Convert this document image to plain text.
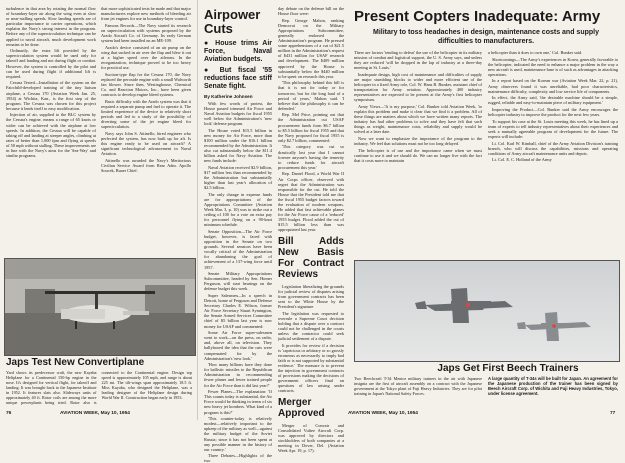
turbulence in that area by rotating the normal flow of boundary-layer air along the wing even at slow or near-stalling speeds. Slow landing speeds are of particular importance to carrier operations, which explains the Navy's strong interest in the program. Before any of the supercirculation technique can be applied to naval aircraft, much development work remains to be done.

Ordinarily, the extra lift provided by the supercirculation system would be used only for takeoff and landing and not during flight or combat. However, the system is controlled by the pilot and can be used during flight if additional lift is required.

Cessna Tested—Installation of the system on the Fairchild-developed training of the tiny liaison airplane, a Cessna 170 (Aviation Week Jan. 25, 1954) at Wichita, Kan., is the first step of the program. The Cessna was chosen for this project because it lends itself to easy modification.

Injection of air, supplied to the BLC system by the Cessna's engine, means a range of 65 knots or wider can be achieved with the airplane at low speeds. In addition, the Cessna will be capable of taking off and landing at steeper angles, climbing at rates of better than 1,000 fpm and flying at speeds of 50 mph without stalling. These improvements are in line with the Navy's aims for the 'Sea-Way' and similar programs.

that more sophisticated tests be made and that major manufacturers explore new methods of bleeding air from jet engines for use in boundary-layer control.

Famous Records—The Navy started its research on supercirculation with systems proposed by the Arado Aircraft Co. of Germany. Its early German system had been installed on an ME-109.

Arado's device consisted of an air pump on the wing that sucked in air over the flap and blew it out at a higher speed over the ailerons. In the reorganization, technique proved to be too heavy for practical use.

Suction-type flap for the Cessna 170, the Navy replaced the peroxide engine with a small Walworth fan blower. Since then, Westinghouse, Chemical Co. and Reaction Motors, Inc., have been given contracts to develop engine bleed systems.

Basic difficulty with the Arado system was that it required a separate pump and fuel to operate it. The limited experience of the device to relatively short periods and led to a study of the possibility of diverting some of the jet engine bleed for supercirculation.

Navy says John S. Attinello, hired engineer who perfected the system, has now built up for aft. Is this engine ready to be used on aircraft? A significant technological advancement in Naval Aviation.

Attinello was awarded the Navy's Meritorious Civilian Service Award from Rear Adm. Apollo Soucek, Buaer Chief.

Japs Test New Convertiplane
Yard shows its predecessor craft, the new Kayaba Heliplane for a Continental 150-hp engine in the nose. It's designed for vertical flight, for takeoff and landing. It was brought back to the Japanese Institute in 1952. It features slats also. Slideways units of approximately 40 ft. Rotor coils are among the more unique powerplants being tried. Rotor also is connected to the Continental engine. Design top speed is approximately 105 mph, and range is about 225 mi. The tilt-wings span approximately 18.5 ft. Miss Kayaba, who designed the Heliplane, was a leading designer of the Heliplane design during World War II. Construction began early in 1953.
76	AVIATION WEEK, May 10, 1954
Airpower Cuts
● House trims Air Force, Naval Aviation budgets.
● But fiscal '55 reductions face stiff Senate fight.

By Katherine Johnsen

With few words of protest, the House passed trimmed Air Force and Naval Aviation budgets for fiscal 1955 well below the Administration's 'new look' defense program.

The House voted $15.5 billion in new money for Air Force, more than $100 million under the $16.1 billion recommended by the Administration. It also cut substantially below the $11.4 billion asked for Navy Aviation. The new funds include:

Naval Aviation received $2.9 billion, $17 million less than recommended by the Administration but substantially higher than last year's allocation of $2.5 billion.

The only change in expense funds are for appropriations of the Appropriations Committee (Aviation Week Mar. 3, p. 10) was to strike out a ceiling of 100 for a vote on extra pay for personnel flying on a 90-knot minimum schedule.

Senate Opposition—The Air Force budget, however, is faced with opposition in the Senate on two grounds. Several senators have been vocally critical of the Administration for abandoning the goal of achievement of a 137-wing force until 1957.

Senate Military Appropriations Subcommittee, headed by Sen. Homer Ferguson, will start hearings on the defense budget this week.

Super Salesmen—In a speech in Detroit, home of Ferguson and Defense Secretary Charles E. Wilson, former Air Force Secretary Stuart Symington, the Senate Armed Services Committee chief of $5 billion last year is now money for USAF and commented:

Some Air Force super-salesmen went to work—on the press, on radio, and, above all, on television. They ballyhooed the idea that the cuts were compensated for by the Administration's 'new look.'

'How many billions have they done for ballistic missiles to the Republican Administration in recommending fewer planes and fewer trained people for the Air Force than it did last year?'

Fewer Planes—The explanation: 'If This counts today is substantial, the Air Force would be thinking in terms of six new heavy jet bombers. What kind of a program is this?'

'This counter-today is relatively modest—relatively important to the upkeep of the military as well—against the military budget of the Soviet Russia; since it has not been spent at any possible manner in the history of our country.'

Three Debates—Highlights of the two

day debate on the defense bill on the House floor were:

Rep. George Mahon, ranking Democrat on the Military Appropriations Subcommittee, generally endorsed the Administration's program. He pressed some apprehensions of a cut of $21.5 million in the Administration's request of $431 million for USAF research and development. The $409 million approved by the House is substantially below the $440 million to be spent on research this year.

'This philosophy behind this bill is that it is not for today or for tomorrow, but for the long haul of a period of years,' Mahon said. 'I believe that the philosophy it can be defended.'

Rep. Mel Price, pointing out that the Administration cut USAF procurement funds from $6.7 billion to $5.5 billion for fiscal 1955 and that the Navy proposed for fiscal 1955 is only $2.7 billion, commented:

'This category was cut so drastically last year that I cannot foresee anyone's having the temerity to reduce funds for aircraft procurement this year.'

Rep. Daniel Flood, a World War II Air Corps officer, observed with regret that the Administration was responsible for the cut. He told the House that the President told me that the fiscal 1955 budget factors toward the evaluation of modern weapons. He added that fast achievable planes for the Air Force cause of a 'reduced' 1955 budget. Flood added the cut of $15.5 billion less than was appropriated last year.

Bill Adds New Basis For Contract Reviews

Legislation liberalizing the grounds for judicial review of disputes arising from government contracts has been sent to the White House by the President's signature.

The legislation was requested to overrule a Supreme Court decision holding that a dispute over a contract could not be challenged in the courts unless the contractor could seek judicial settlement of a dispute.

It provides for review if a decision is 'capricious or arbitrary or so grossly erroneous as necessarily to imply bad faith or is not supported by substantial evidence.' The measure is to prevent the injection in government contracts of provisions making the decisions of government officers final on questions of law arising under contracts.

Merger Approved

Merger of Convair and Consolidated Vultee Aircraft Corp. was approved by directors and stockholders of both companies at a meeting in Dover, Del. (Aviation Week Apr. 19, p. 17).

Present Copters Inadequate: Army
Military to toss headaches in design, maintenance costs and supply difficulties to manufacturers.

There are factors 'tending to defeat' the use of the helicopter in its military mission of combat and logistical support, the U. S. Army says, and unless they are reduced 'will be dropped in the lap of industry at a three-day meeting in St. Louis.'

Inadequate design, high cost of maintenance and difficulties of supply are major stumbling blocks to wider and more efficient use of the helicopter in a fixed Army role, Col. W. Hans B. Bunker, assistant chief of transportation for Army aviation. Approximately 400 industry representatives are expected to be present at the Army's first helicopter symposium.

Army Views—'It is my purpose,' Col. Bunker told Aviation Week, 'to explain this problem and make it clear that we find it a problem. All of these things are matters about which we have written many reports. The industry has had other problems to solve and they have felt that such things as weight, maintenance costs, reliability and supply would be solved at a later date.

Now we want to emphasize the importance of the program to the industry. We feel that solutions must not be too long delayed.

The helicopter is of use and the importance came when we must continue to use it and we should do. We can no longer live with the fact that it costs more to maintain

a helicopter than it does to own one,' Col. Bunker said.

Shortcomings—The Army's experiences in Korea, generally favorable to the helicopter, indicated the need to enhance a major problem in the way a new aircraft is used, maintenance base is of such as advantages in attacking operations.

In a report based on the Korean war (Aviation Week Mar. 22, p. 21), Army observers found it was unreliable, had poor characteristics, maintenance difficulty, complexity and low service life of components.

In effect, the Army said, 'the desirable machine should be a simple, rugged, reliable and easy-to-maintain piece of military equipment.'

Improving the Product—Col. Bunker said the Army encourages the helicopter industry to improve the product for the next few years.

To support his case at the St. Louis meeting this week, he has lined up a team of experts to tell industry representatives about their experiences and seek a mutually agreeable program of development for the future. The experts will include:

Lt. Col. Karl W. Kimball, chief of the Army Aviation Division's training branch, who will discuss the capabilities, missions and operating conditions of Army aircraft maintenance units and depots.

Lt. Col. E. C. Holland of the Army

Japs Get First Beech Trainers
Two Beechcraft T-34 Mentor military trainers in the air with Japanese insignia are the first of aircraft assembly on a contract with the Japanese government at the Tokyo plant of Fuji Heavy Industries. They are for pilot training in Japan's National Safety Forces.
A large quantity of T-34s will be built for Japan. An agreement for the Japanese production of the trainer has been signed by Beech Aircraft Corp. of Wichita and Fuji Heavy Industries, Tokyo, under license agreement.
AVIATION WEEK, May 10, 1954	77
